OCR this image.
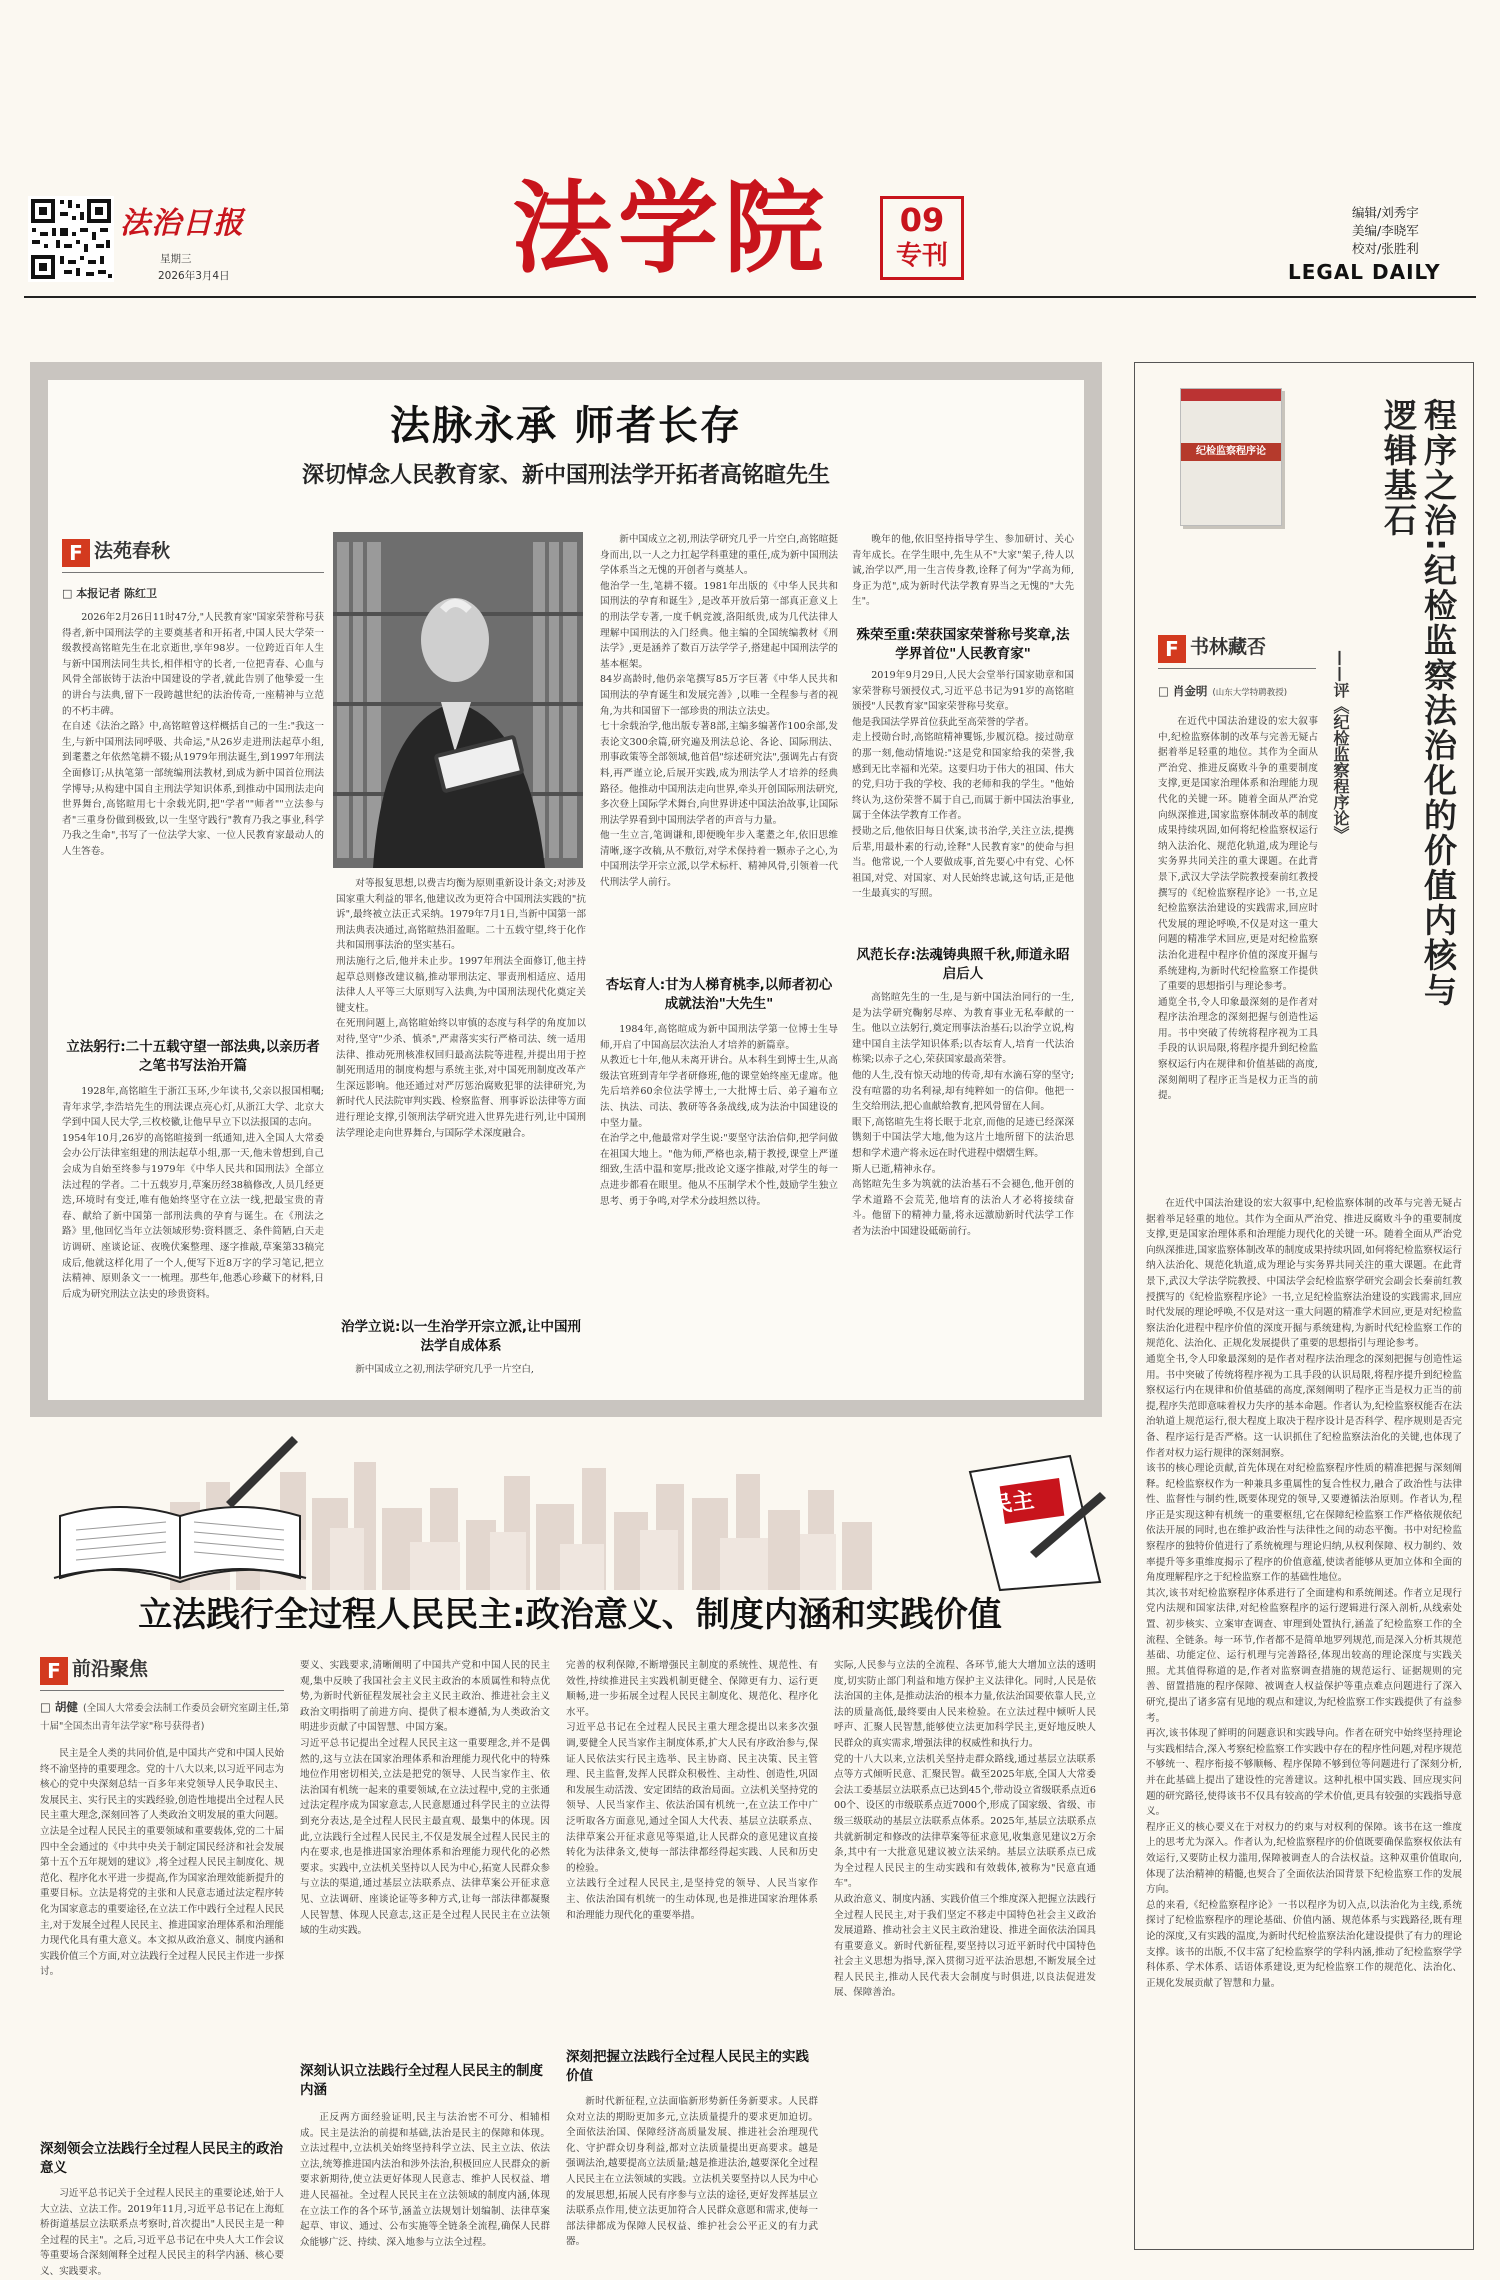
法治日报
星期三
2026年3月4日	法学院	09
专刊
编辑/刘秀宇
美编/李晓军
校对/张胜利
LEGAL DAILY
法脉永承 师者长存
深切悼念人民教育家、新中国刑法学开拓者高铭暄先生
F 法苑春秋
□ 本报记者 陈红卫
2026年2月26日11时47分,"人民教育家"国家荣誉称号获得者,新中国刑法学的主要奠基者和开拓者,中国人民大学荣一级教授高铭暄先生在北京逝世,享年98岁。一位跨近百年人生与新中国刑法同生共长,相伴相守的长者,一位把青春、心血与风骨全部嵌铸于法治中国建设的学者,就此告别了他挚爱一生的讲台与法典,留下一段跨越世纪的法治传奇,一座精神与立范的不朽丰碑。
在自述《法治之路》中,高铭暄曾这样概括自己的一生:"我这一生,与新中国刑法同呼吸、共命运,"从26岁走进刑法起草小组,到耄耋之年依然笔耕不辍;从1979年刑法诞生,到1997年刑法全面修订;从执笔第一部统编刑法教材,到成为新中国首位刑法学博导;从构建中国自主刑法学知识体系,到推动中国刑法走向世界舞台,高铭暄用七十余载光阴,把"学者""师者""立法参与者"三重身份做到极致,以一生坚守践行"教育乃我之事业,科学乃我之生命",书写了一位法学大家、一位人民教育家最动人的人生答卷。
立法躬行:二十五载守望一部法典,以亲历者之笔书写法治开篇
1928年,高铭暄生于浙江玉环,少年读书,父亲以报国相嘱;青年求学,李浩培先生的刑法课点亮心灯,从浙江大学、北京大学到中国人民大学,三枚校徽,让他早早立下以法报国的志向。
1954年10月,26岁的高铭暄接到一纸通知,进入全国人大常委会办公厅法律室组建的刑法起草小组,那一天,他未曾想到,自己会成为自始至终参与1979年《中华人民共和国刑法》全部立法过程的学者。二十五载岁月,草案历经38稿修改,人员几经更迭,环境时有变迁,唯有他始终坚守在立法一线,把最宝贵的青春、献给了新中国第一部刑法典的孕育与诞生。在《刑法之路》里,他回忆当年立法领域形势:资料匮乏、条件简陋,白天走访调研、座谈论证、夜晚伏案整理、逐字推敲,草案第33稿完成后,他就这样化用了一个人,便写下近8万字的学习笔记,把立法精神、原则条文一一梳理。那些年,他悉心珍藏下的材料,日后成为研究刑法立法史的珍贵资料。
对等报复思想,以费吉均衡为原则重新设计条文;对涉及国家重大利益的罪名,他建议改为更符合中国刑法实践的"抗诉",最终被立法正式采纳。1979年7月1日,当新中国第一部刑法典表决通过,高铭暄热泪盈眶。二十五载守望,终于化作共和国刑事法治的坚实基石。
刑法施行之后,他并未止步。1997年刑法全面修订,他主持起草总则修改建议稿,推动罪刑法定、罪责刑相适应、适用法律人人平等三大原则写入法典,为中国刑法现代化奠定关键支柱。
在死刑问题上,高铭暄始终以审慎的态度与科学的角度加以对待,坚守"少杀、慎杀",严肃落实实行严格司法、统一适用法律、推动死刑核准权回归最高法院等进程,并提出用于控制死刑适用的制度构想与系统主张,对中国死刑制度改革产生深远影响。他还通过对严厉惩治腐败犯罪的法律研究,为新时代人民法院审判实践、检察监督、刑事诉讼法律等方面进行理论支撑,引领刑法学研究进入世界先进行列,让中国刑法学理论走向世界舞台,与国际学术深度融合。
治学立说:以一生治学开宗立派,让中国刑法学自成体系
新中国成立之初,刑法学研究几乎一片空白,
新中国成立之初,刑法学研究几乎一片空白,高铭暄挺身而出,以一人之力扛起学科重建的重任,成为新中国刑法学体系当之无愧的开创者与奠基人。
他治学一生,笔耕不辍。1981年出版的《中华人民共和国刑法的孕育和诞生》,是改革开放后第一部真正意义上的刑法学专著,一度千帆竞渡,洛阳纸贵,成为几代法律人理解中国刑法的入门经典。他主编的全国统编教材《刑法学》,更是涵养了数百万法学学子,搭建起中国刑法学的基本框架。
84岁高龄时,他仍亲笔撰写85万字巨著《中华人民共和国刑法的孕育诞生和发展完善》,以唯一全程参与者的视角,为共和国留下一部珍贵的刑法立法史。
七十余载治学,他出版专著8部,主编多编著作100余部,发表论文300余篇,研究遍及刑法总论、各论、国际刑法、刑事政策等全部领域,他首倡"综述研究法",强调先占有资料,再严谨立论,后展开实践,成为刑法学人才培养的经典路径。他推动中国刑法走向世界,牵头开创国际刑法研究,多次登上国际学术舞台,向世界讲述中国法治故事,让国际刑法学界看到中国刑法学者的声音与力量。
他一生立言,笔调谦和,即便晚年步入耄耋之年,依旧思维清晰,逐字改稿,从不敷衍,对学术保持着一颗赤子之心,为中国刑法学开宗立派,以学术标杆、精神风骨,引领着一代代刑法学人前行。
杏坛育人:甘为人梯育桃李,以师者初心成就法治"大先生"
1984年,高铭暄成为新中国刑法学第一位博士生导师,开启了中国高层次法治人才培养的新篇章。
从教近七十年,他从未离开讲台。从本科生到博士生,从高级法官班到青年学者研修班,他的课堂始终座无虚席。他先后培养60余位法学博士,一大批博士后、弟子遍布立法、执法、司法、教研等各条战线,成为法治中国建设的中坚力量。
在治学之中,他最常对学生说:"要坚守法治信仰,把学问做在祖国大地上。"他为师,严格也亲,精于教授,课堂上严谨细致,生活中温和宽厚;批改论文逐字推敲,对学生的每一点进步都看在眼里。他从不压制学术个性,鼓励学生独立思考、勇于争鸣,对学术分歧坦然以待。
晚年的他,依旧坚持指导学生、参加研讨、关心青年成长。在学生眼中,先生从不"大家"架子,待人以诚,治学以严,用一生言传身教,诠释了何为"学高为师,身正为范",成为新时代法学教育界当之无愧的"大先生"。
殊荣至重:荣获国家荣誉称号奖章,法学界首位"人民教育家"
2019年9月29日,人民大会堂举行国家勋章和国家荣誉称号颁授仪式,习近平总书记为91岁的高铭暄颁授"人民教育家"国家荣誉称号奖章。
他是我国法学界首位获此至高荣誉的学者。
走上授勋台时,高铭暄精神矍铄,步履沉稳。接过勋章的那一刻,他动情地说:"这是党和国家给我的荣誉,我感到无比幸福和光荣。这要归功于伟大的祖国、伟大的党,归功于我的学校、我的老师和我的学生。"他始终认为,这份荣誉不属于自己,而属于新中国法治事业,属于全体法学教育工作者。
授勋之后,他依旧每日伏案,读书治学,关注立法,提携后辈,用最朴素的行动,诠释"人民教育家"的使命与担当。他常说,一个人要做成事,首先要心中有党、心怀祖国,对党、对国家、对人民始终忠诚,这句话,正是他一生最真实的写照。
风范长存:法魂铸典照千秋,师道永昭启后人
高铭暄先生的一生,是与新中国法治同行的一生,是为法学研究鞠躬尽瘁、为教育事业无私奉献的一生。他以立法躬行,奠定刑事法治基石;以治学立说,构建中国自主法学知识体系;以杏坛育人,培育一代法治栋梁;以赤子之心,荣获国家最高荣誉。
他的人生,没有惊天动地的传奇,却有水滴石穿的坚守;没有喧嚣的功名利禄,却有纯粹如一的信仰。他把一生交给刑法,把心血献给教育,把风骨留在人间。
眼下,高铭暄先生将长眠于北京,而他的足迹已经深深镌刻于中国法学大地,他为这片土地所留下的法治思想和学术遗产将永远在时代进程中熠熠生辉。
斯人已逝,精神永存。
高铭暄先生多为筑就的法治基石不会褪色,他开创的学术道路不会荒芜,他培育的法治人才必将接续奋斗。他留下的精神力量,将永远激励新时代法学工作者为法治中国建设砥砺前行。
纪检监察程序论	程序之治:纪检监察法治化的价值内核与逻辑基石
——评《纪检监察程序论》
F 书林藏否
□ 肖金明 (山东大学特聘教授)
在近代中国法治建设的宏大叙事中,纪检监察体制的改革与完善无疑占据着举足轻重的地位。其作为全面从严治党、推进反腐败斗争的重要制度支撑,更是国家治理体系和治理能力现代化的关键一环。随着全面从严治党向纵深推进,国家监察体制改革的制度成果持续巩固,如何将纪检监察权运行纳入法治化、规范化轨道,成为理论与实务界共同关注的重大课题。在此背景下,武汉大学法学院教授秦前红教授撰写的《纪检监察程序论》一书,立足纪检监察法治建设的实践需求,回应时代发展的理论呼唤,不仅是对这一重大问题的精准学术回应,更是对纪检监察法治化进程中程序价值的深度开掘与系统建构,为新时代纪检监察工作提供了重要的思想指引与理论参考。
通览全书,令人印象最深刻的是作者对程序法治理念的深刻把握与创造性运用。书中突破了传统将程序视为工具手段的认识局限,将程序提升到纪检监察权运行内在规律和价值基础的高度,深刻阐明了程序正当是权力正当的前提。
在近代中国法治建设的宏大叙事中,纪检监察体制的改革与完善无疑占据着举足轻重的地位。其作为全面从严治党、推进反腐败斗争的重要制度支撑,更是国家治理体系和治理能力现代化的关键一环。随着全面从严治党向纵深推进,国家监察体制改革的制度成果持续巩固,如何将纪检监察权运行纳入法治化、规范化轨道,成为理论与实务界共同关注的重大课题。在此背景下,武汉大学法学院教授、中国法学会纪检监察学研究会副会长秦前红教授撰写的《纪检监察程序论》一书,立足纪检监察法治建设的实践需求,回应时代发展的理论呼唤,不仅是对这一重大问题的精准学术回应,更是对纪检监察法治化进程中程序价值的深度开掘与系统建构,为新时代纪检监察工作的规范化、法治化、正规化发展提供了重要的思想指引与理论参考。
通览全书,令人印象最深刻的是作者对程序法治理念的深刻把握与创造性运用。书中突破了传统将程序视为工具手段的认识局限,将程序提升到纪检监察权运行内在规律和价值基础的高度,深刻阐明了程序正当是权力正当的前提,程序失范即意味着权力失序的基本命题。作者认为,纪检监察权能否在法治轨道上规范运行,很大程度上取决于程序设计是否科学、程序规则是否完备、程序运行是否严格。这一认识抓住了纪检监察法治化的关键,也体现了作者对权力运行规律的深刻洞察。
该书的核心理论贡献,首先体现在对纪检监察程序性质的精准把握与深刻阐释。纪检监察权作为一种兼具多重属性的复合性权力,融合了政治性与法律性、监督性与制约性,既要体现党的领导,又要遵循法治原则。作者认为,程序正是实现这种有机统一的重要枢纽,它在保障纪检监察工作严格依规依纪依法开展的同时,也在维护政治性与法律性之间的动态平衡。书中对纪检监察程序的独特价值进行了系统梳理与理论归纳,从权利保障、权力制约、效率提升等多重维度揭示了程序的价值意蕴,使读者能够从更加立体和全面的角度理解程序之于纪检监察工作的基础性地位。
其次,该书对纪检监察程序体系进行了全面建构和系统阐述。作者立足现行党内法规和国家法律,对纪检监察程序的运行逻辑进行深入剖析,从线索处置、初步核实、立案审查调查、审理到处置执行,涵盖了纪检监察工作的全流程、全链条。每一环节,作者都不是简单地罗列规范,而是深入分析其规范基础、功能定位、运行机理与完善路径,体现出较高的理论深度与实践关照。尤其值得称道的是,作者对监察调查措施的规范运行、证据规则的完善、留置措施的程序保障、被调查人权益保护等重点难点问题进行了深入研究,提出了诸多富有见地的观点和建议,为纪检监察工作实践提供了有益参考。
再次,该书体现了鲜明的问题意识和实践导向。作者在研究中始终坚持理论与实践相结合,深入考察纪检监察工作实践中存在的程序性问题,对程序规范不够统一、程序衔接不够顺畅、程序保障不够到位等问题进行了深刻分析,并在此基础上提出了建设性的完善建议。这种扎根中国实践、回应现实问题的研究路径,使得该书不仅具有较高的学术价值,更具有较强的实践指导意义。
程序正义的核心要义在于对权力的约束与对权利的保障。该书在这一维度上的思考尤为深入。作者认为,纪检监察程序的价值既要确保监察权依法有效运行,又要防止权力滥用,保障被调查人的合法权益。这种双重价值取向,体现了法治精神的精髓,也契合了全面依法治国背景下纪检监察工作的发展方向。
总的来看,《纪检监察程序论》一书以程序为切入点,以法治化为主线,系统探讨了纪检监察程序的理论基础、价值内涵、规范体系与实践路径,既有理论的深度,又有实践的温度,为新时代纪检监察法治化建设提供了有力的理论支撑。该书的出版,不仅丰富了纪检监察学的学科内涵,推动了纪检监察学学科体系、学术体系、话语体系建设,更为纪检监察工作的规范化、法治化、正规化发展贡献了智慧和力量。
民主
立法践行全过程人民民主:政治意义、制度内涵和实践价值
F 前沿聚焦
□ 胡健 (全国人大常委会法制工作委员会研究室副主任,第十届"全国杰出青年法学家"称号获得者)
民主是全人类的共同价值,是中国共产党和中国人民始终不渝坚持的重要理念。党的十八大以来,以习近平同志为核心的党中央深刻总结一百多年来党领导人民争取民主、发展民主、实行民主的实践经验,创造性地提出全过程人民民主重大理念,深刻回答了人类政治文明发展的重大问题。立法是全过程人民民主的重要领域和重要载体,党的二十届四中全会通过的《中共中央关于制定国民经济和社会发展第十五个五年规划的建议》,将全过程人民民主制度化、规范化、程序化水平进一步提高,作为国家治理效能新提升的重要目标。立法是将党的主张和人民意志通过法定程序转化为国家意志的重要途径,在立法工作中践行全过程人民民主,对于发展全过程人民民主、推进国家治理体系和治理能力现代化具有重大意义。本文拟从政治意义、制度内涵和实践价值三个方面,对立法践行全过程人民民主作进一步探讨。
深刻领会立法践行全过程人民民主的政治意义
习近平总书记关于全过程人民民主的重要论述,始于人大立法、立法工作。2019年11月,习近平总书记在上海虹桥街道基层立法联系点考察时,首次提出"人民民主是一种全过程的民主"。之后,习近平总书记在中央人大工作会议等重要场合深刻阐释全过程人民民主的科学内涵、核心要义、实践要求。
要义、实践要求,清晰阐明了中国共产党和中国人民的民主观,集中反映了我国社会主义民主政治的本质属性和特点优势,为新时代新征程发展社会主义民主政治、推进社会主义政治文明指明了前进方向、提供了根本遵循,为人类政治文明进步贡献了中国智慧、中国方案。
习近平总书记提出全过程人民民主这一重要理念,并不是偶然的,这与立法在国家治理体系和治理能力现代化中的特殊地位作用密切相关,立法是把党的领导、人民当家作主、依法治国有机统一起来的重要领域,在立法过程中,党的主张通过法定程序成为国家意志,人民意愿通过科学民主的立法得到充分表达,是全过程人民民主最直观、最集中的体现。因此,立法践行全过程人民民主,不仅是发展全过程人民民主的内在要求,也是推进国家治理体系和治理能力现代化的必然要求。实践中,立法机关坚持以人民为中心,拓宽人民群众参与立法的渠道,通过基层立法联系点、法律草案公开征求意见、立法调研、座谈论证等多种方式,让每一部法律都凝聚人民智慧、体现人民意志,这正是全过程人民民主在立法领域的生动实践。
深刻认识立法践行全过程人民民主的制度内涵
正反两方面经验证明,民主与法治密不可分、相辅相成。民主是法治的前提和基础,法治是民主的保障和体现。立法过程中,立法机关始终坚持科学立法、民主立法、依法立法,统筹推进国内法治和涉外法治,积极回应人民群众的新要求新期待,使立法更好体现人民意志、维护人民权益、增进人民福祉。全过程人民民主在立法领域的制度内涵,体现在立法工作的各个环节,涵盖立法规划计划编制、法律草案起草、审议、通过、公布实施等全链条全流程,确保人民群众能够广泛、持续、深入地参与立法全过程。
完善的权利保障,不断增强民主制度的系统性、规范性、有效性,持续推进民主实践机制更健全、保障更有力、运行更顺畅,进一步拓展全过程人民民主制度化、规范化、程序化水平。
习近平总书记在全过程人民民主重大理念提出以来多次强调,要健全人民当家作主制度体系,扩大人民有序政治参与,保证人民依法实行民主选举、民主协商、民主决策、民主管理、民主监督,发挥人民群众积极性、主动性、创造性,巩固和发展生动活泼、安定团结的政治局面。立法机关坚持党的领导、人民当家作主、依法治国有机统一,在立法工作中广泛听取各方面意见,通过全国人大代表、基层立法联系点、法律草案公开征求意见等渠道,让人民群众的意见建议直接转化为法律条文,使每一部法律都经得起实践、人民和历史的检验。
立法践行全过程人民民主,是坚持党的领导、人民当家作主、依法治国有机统一的生动体现,也是推进国家治理体系和治理能力现代化的重要举措。
深刻把握立法践行全过程人民民主的实践价值
新时代新征程,立法面临新形势新任务新要求。人民群众对立法的期盼更加多元,立法质量提升的要求更加迫切。全面依法治国、保障经济高质量发展、推进社会治理现代化、守护群众切身利益,都对立法质量提出更高要求。越是强调法治,越要提高立法质量;越是推进法治,越要深化全过程人民民主在立法领域的实践。立法机关要坚持以人民为中心的发展思想,拓展人民有序参与立法的途径,更好发挥基层立法联系点作用,使立法更加符合人民群众意愿和需求,使每一部法律都成为保障人民权益、维护社会公平正义的有力武器。
实际,人民参与立法的全流程、各环节,能大大增加立法的透明度,切实防止部门利益和地方保护主义法律化。同时,人民是依法治国的主体,是推动法治的根本力量,依法治国要依靠人民,立法的质量高低,最终要由人民来检验。在立法过程中倾听人民呼声、汇聚人民智慧,能够使立法更加科学民主,更好地反映人民群众的真实需求,增强法律的权威性和执行力。
党的十八大以来,立法机关坚持走群众路线,通过基层立法联系点等方式倾听民意、汇聚民智。截至2025年底,全国人大常委会法工委基层立法联系点已达到45个,带动设立省级联系点近600个、设区的市级联系点近7000个,形成了国家级、省级、市级三级联动的基层立法联系点体系。2025年,基层立法联系点共就新制定和修改的法律草案等征求意见,收集意见建议2万余条,其中有一大批意见建议被立法采纳。基层立法联系点已成为全过程人民民主的生动实践和有效载体,被称为"民意直通车"。
从政治意义、制度内涵、实践价值三个维度深入把握立法践行全过程人民民主,对于我们坚定不移走中国特色社会主义政治发展道路、推动社会主义民主政治建设、推进全面依法治国具有重要意义。新时代新征程,要坚持以习近平新时代中国特色社会主义思想为指导,深入贯彻习近平法治思想,不断发展全过程人民民主,推动人民代表大会制度与时俱进,以良法促进发展、保障善治。
